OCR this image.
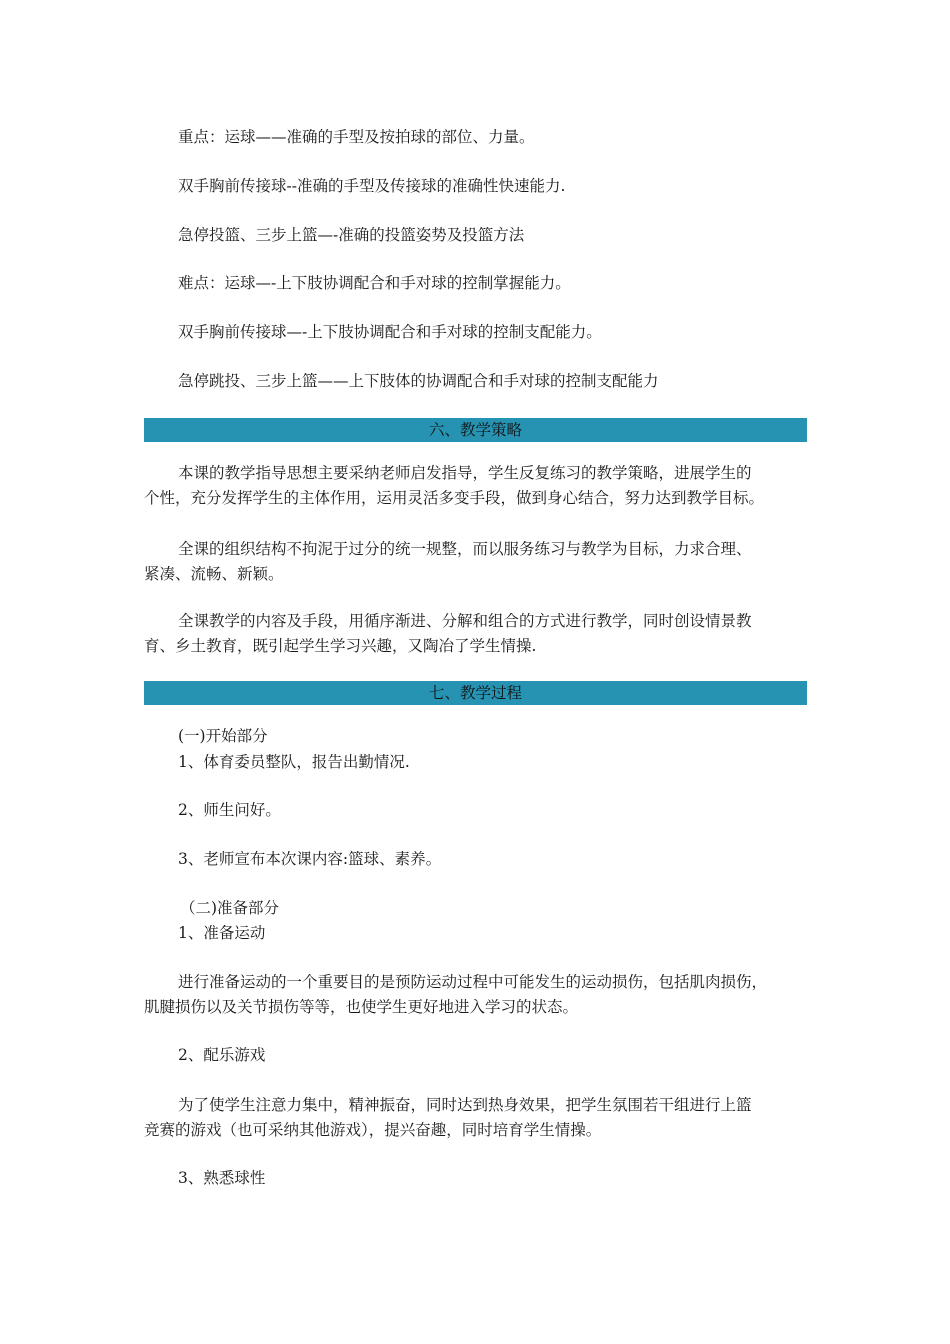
重点：运球——准确的手型及按拍球的部位、力量。
双手胸前传接球--准确的手型及传接球的准确性快速能力.
急停投篮、三步上篮—-准确的投篮姿势及投篮方法
难点：运球—-上下肢协调配合和手对球的控制掌握能力。
双手胸前传接球—-上下肢协调配合和手对球的控制支配能力。
急停跳投、三步上篮——上下肢体的协调配合和手对球的控制支配能力
六、教学策略
本课的教学指导思想主要采纳老师启发指导，学生反复练习的教学策略，进展学生的
个性，充分发挥学生的主体作用，运用灵活多变手段，做到身心结合，努力达到教学目标。
全课的组织结构不拘泥于过分的统一规整，而以服务练习与教学为目标，力求合理、
紧凑、流畅、新颖。
全课教学的内容及手段，用循序渐进、分解和组合的方式进行教学，同时创设情景教
育、乡土教育，既引起学生学习兴趣，又陶冶了学生情操.
七、教学过程
(一)开始部分
1、体育委员整队，报告出勤情况.
2、师生问好。
3、老师宣布本次课内容:篮球、素养。
（二)准备部分
1、准备运动
进行准备运动的一个重要目的是预防运动过程中可能发生的运动损伤，包括肌肉损伤，
肌腱损伤以及关节损伤等等，也使学生更好地进入学习的状态。
2、配乐游戏
为了使学生注意力集中，精神振奋，同时达到热身效果，把学生氛围若干组进行上篮
竞赛的游戏（也可采纳其他游戏），提兴奋趣，同时培育学生情操。
3、熟悉球性
